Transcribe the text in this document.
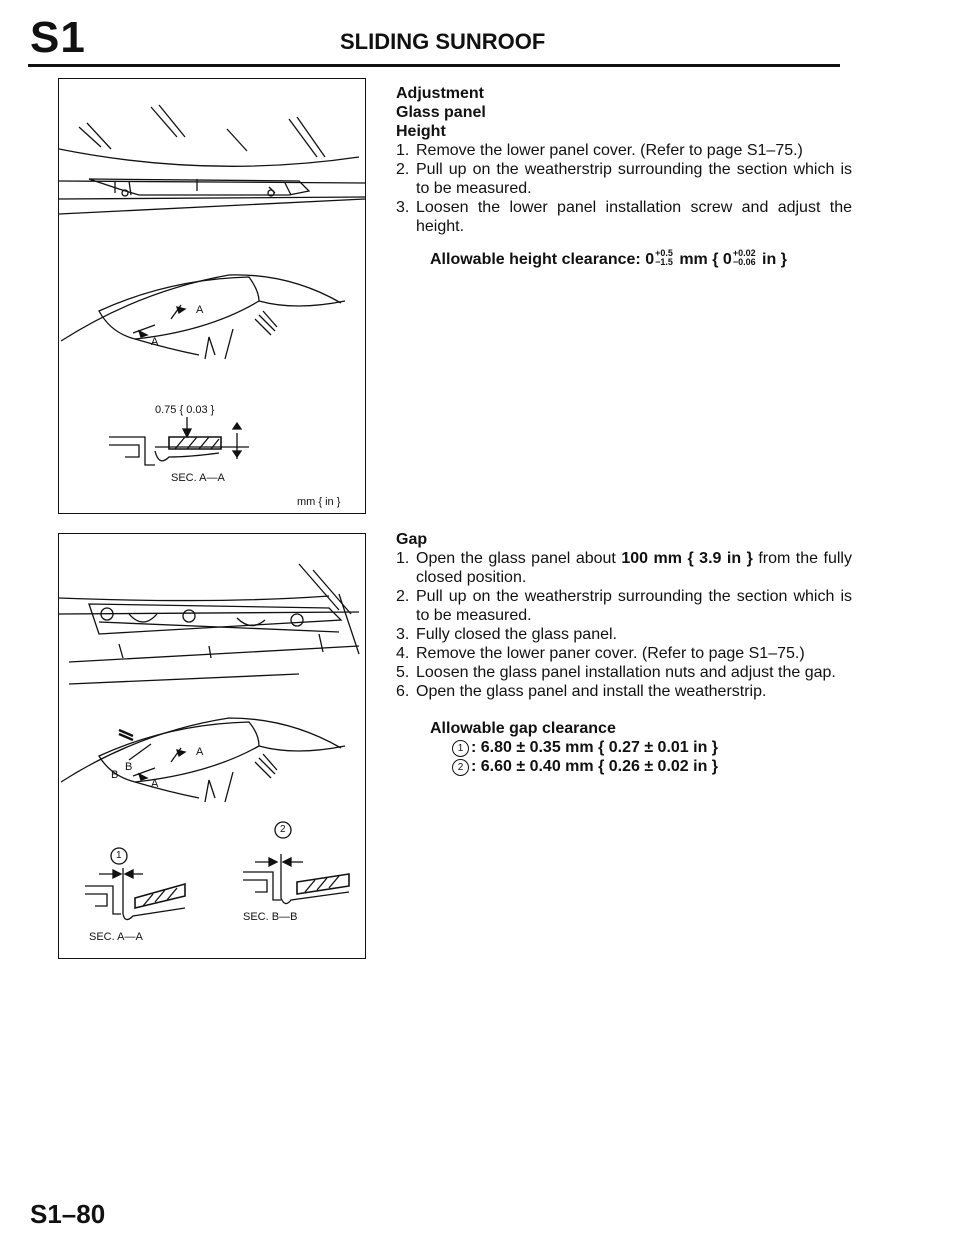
S1	SLIDING SUNROOF
A
A
0.75 { 0.03 }
SEC. A—A
mm { in }
A
A
B
B
1
2
SEC. A—A
SEC. B—B
Adjustment
Glass panel
Height
1. Remove the lower panel cover. (Refer to page S1–75.)
2. Pull up on the weatherstrip surrounding the section which is to be measured.
3. Loosen the lower panel installation screw and adjust the height.
Allowable height clearance: 0 +0.5
−1.5 mm { 0 +0.02
−0.06 in }
Gap
1. Open the glass panel about 100 mm { 3.9 in } from the fully closed position.
2. Pull up on the weatherstrip surrounding the section which is to be measured.
3. Fully closed the glass panel.
4. Remove the lower paner cover. (Refer to page S1–75.)
5. Loosen the glass panel installation nuts and adjust the gap.
6. Open the glass panel and install the weatherstrip.
Allowable gap clearance
1 : 6.80 ± 0.35 mm { 0.27 ± 0.01 in }
2 : 6.60 ± 0.40 mm { 0.26 ± 0.02 in }
S1–80
